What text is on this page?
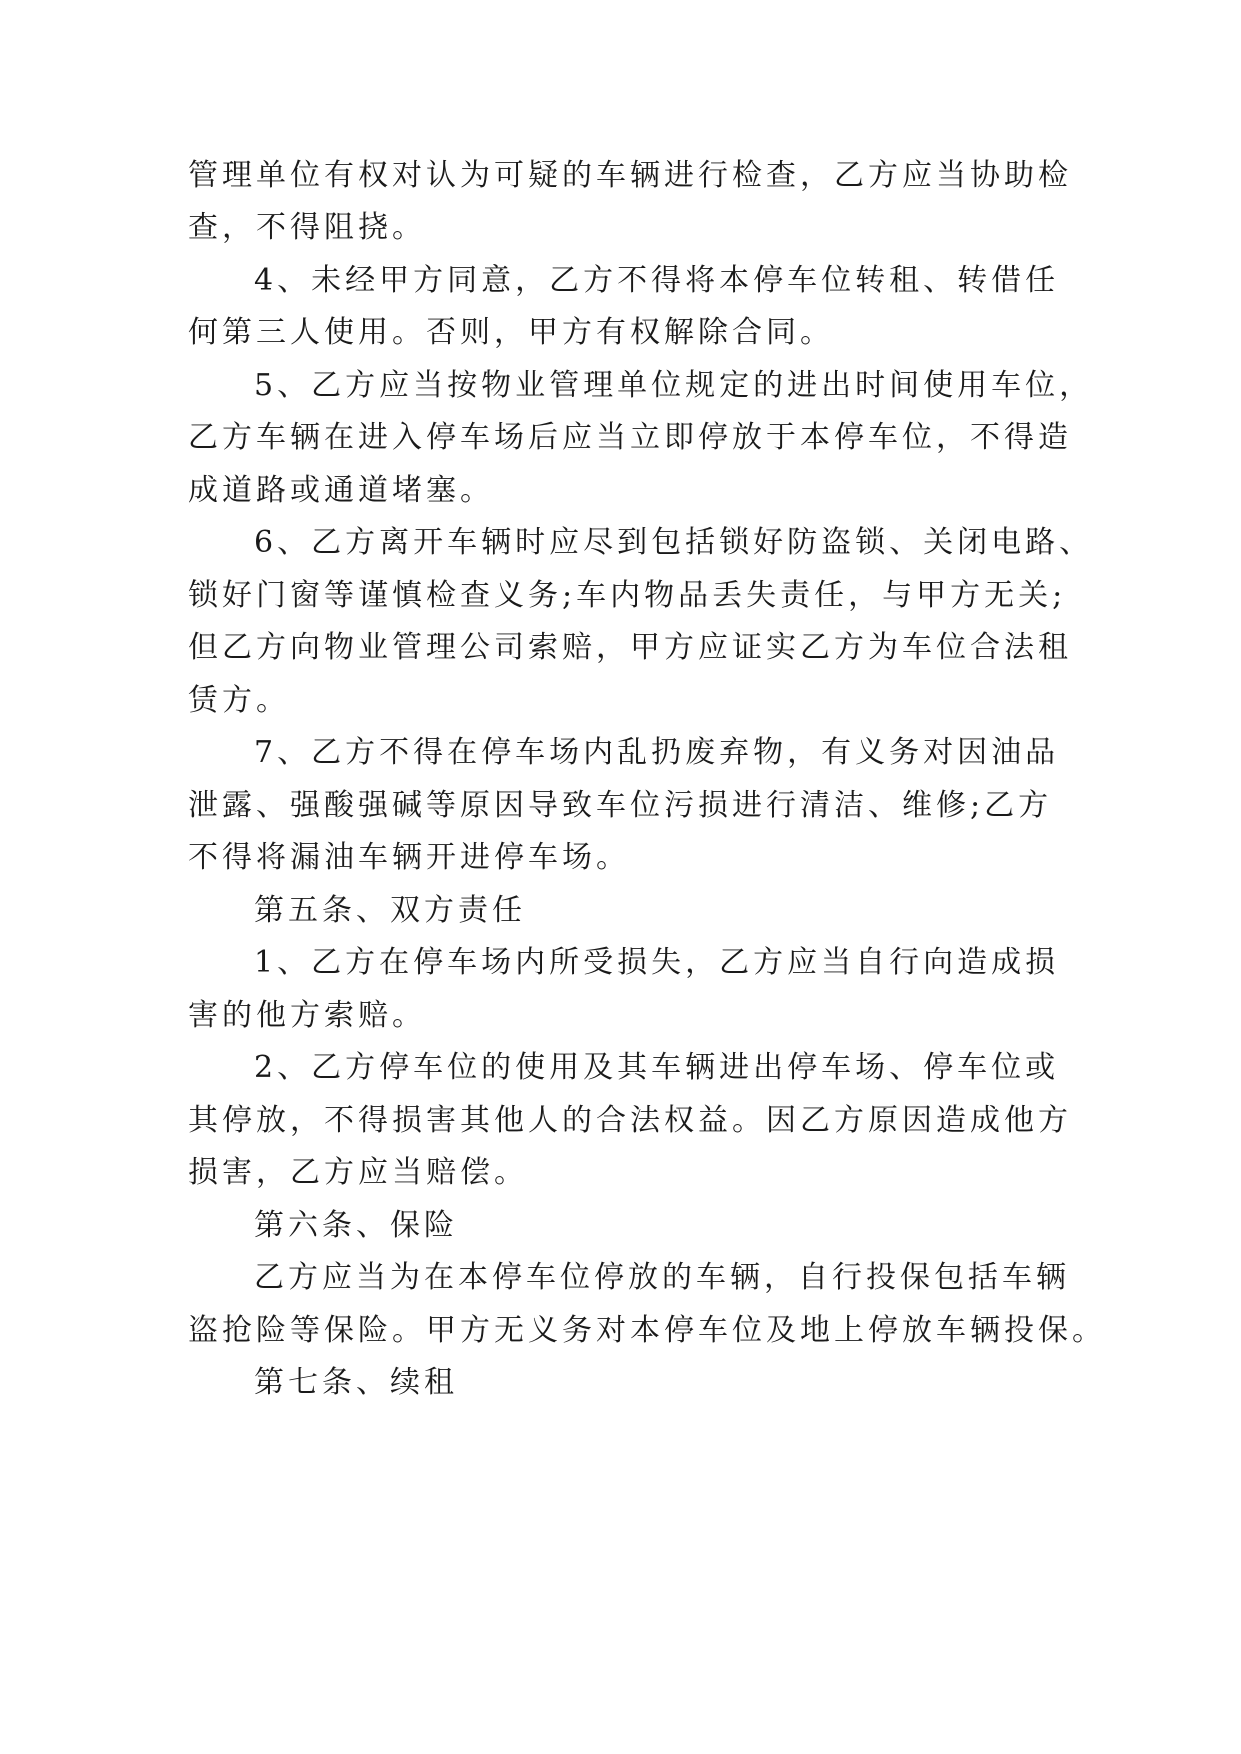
管理单位有权对认为可疑的车辆进行检查，乙方应当协助检
查，不得阻挠。
4、未经甲方同意，乙方不得将本停车位转租、转借任
何第三人使用。否则，甲方有权解除合同。
5、乙方应当按物业管理单位规定的进出时间使用车位，
乙方车辆在进入停车场后应当立即停放于本停车位，不得造
成道路或通道堵塞。
6、乙方离开车辆时应尽到包括锁好防盗锁、关闭电路、
锁好门窗等谨慎检查义务;车内物品丢失责任，与甲方无关;
但乙方向物业管理公司索赔，甲方应证实乙方为车位合法租
赁方。
7、乙方不得在停车场内乱扔废弃物，有义务对因油品
泄露、强酸强碱等原因导致车位污损进行清洁、维修;乙方
不得将漏油车辆开进停车场。
第五条、双方责任
1、乙方在停车场内所受损失，乙方应当自行向造成损
害的他方索赔。
2、乙方停车位的使用及其车辆进出停车场、停车位或
其停放，不得损害其他人的合法权益。因乙方原因造成他方
损害，乙方应当赔偿。
第六条、保险
乙方应当为在本停车位停放的车辆，自行投保包括车辆
盗抢险等保险。甲方无义务对本停车位及地上停放车辆投保。
第七条、续租
